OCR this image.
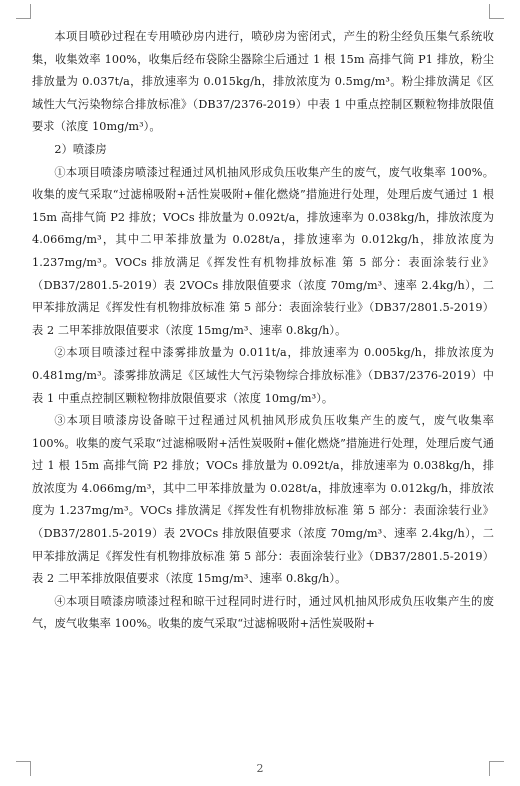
本项目喷砂过程在专用喷砂房内进行，喷砂房为密闭式，产生的粉尘经负压集气系统收集，收集效率 100%，收集后经布袋除尘器除尘后通过 1 根 15m 高排气筒 P1 排放，粉尘排放量为 0.037t/a，排放速率为 0.015kg/h，排放浓度为 0.5mg/m³。粉尘排放满足《区域性大气污染物综合排放标准》（DB37/2376-2019）中表 1 中重点控制区颗粒物排放限值要求（浓度 10mg/m³）。

2）喷漆房

①本项目喷漆房喷漆过程通过风机抽风形成负压收集产生的废气，废气收集率 100%。收集的废气采取“过滤棉吸附+活性炭吸附+催化燃烧”措施进行处理，处理后废气通过 1 根 15m 高排气筒 P2 排放；VOCs 排放量为 0.092t/a，排放速率为 0.038kg/h，排放浓度为 4.066mg/m³，其中二甲苯排放量为 0.028t/a，排放速率为 0.012kg/h，排放浓度为 1.237mg/m³。VOCs 排放满足《挥发性有机物排放标准 第 5 部分：表面涂装行业》（DB37/2801.5-2019）表 2VOCs 排放限值要求（浓度 70mg/m³、速率 2.4kg/h），二甲苯排放满足《挥发性有机物排放标准 第 5 部分：表面涂装行业》（DB37/2801.5-2019）表 2 二甲苯排放限值要求（浓度 15mg/m³、速率 0.8kg/h）。

②本项目喷漆过程中漆雾排放量为 0.011t/a，排放速率为 0.005kg/h，排放浓度为 0.481mg/m³。漆雾排放满足《区域性大气污染物综合排放标准》（DB37/2376-2019）中表 1 中重点控制区颗粒物排放限值要求（浓度 10mg/m³）。

③本项目喷漆房设备晾干过程通过风机抽风形成负压收集产生的废气，废气收集率 100%。收集的废气采取“过滤棉吸附+活性炭吸附+催化燃烧”措施进行处理，处理后废气通过 1 根 15m 高排气筒 P2 排放；VOCs 排放量为 0.092t/a，排放速率为 0.038kg/h，排放浓度为 4.066mg/m³，其中二甲苯排放量为 0.028t/a，排放速率为 0.012kg/h，排放浓度为 1.237mg/m³。VOCs 排放满足《挥发性有机物排放标准 第 5 部分：表面涂装行业》（DB37/2801.5-2019）表 2VOCs 排放限值要求（浓度 70mg/m³、速率 2.4kg/h），二甲苯排放满足《挥发性有机物排放标准 第 5 部分：表面涂装行业》（DB37/2801.5-2019）表 2 二甲苯排放限值要求（浓度 15mg/m³、速率 0.8kg/h）。

④本项目喷漆房喷漆过程和晾干过程同时进行时，通过风机抽风形成负压收集产生的废气，废气收集率 100%。收集的废气采取“过滤棉吸附+活性炭吸附+

2
